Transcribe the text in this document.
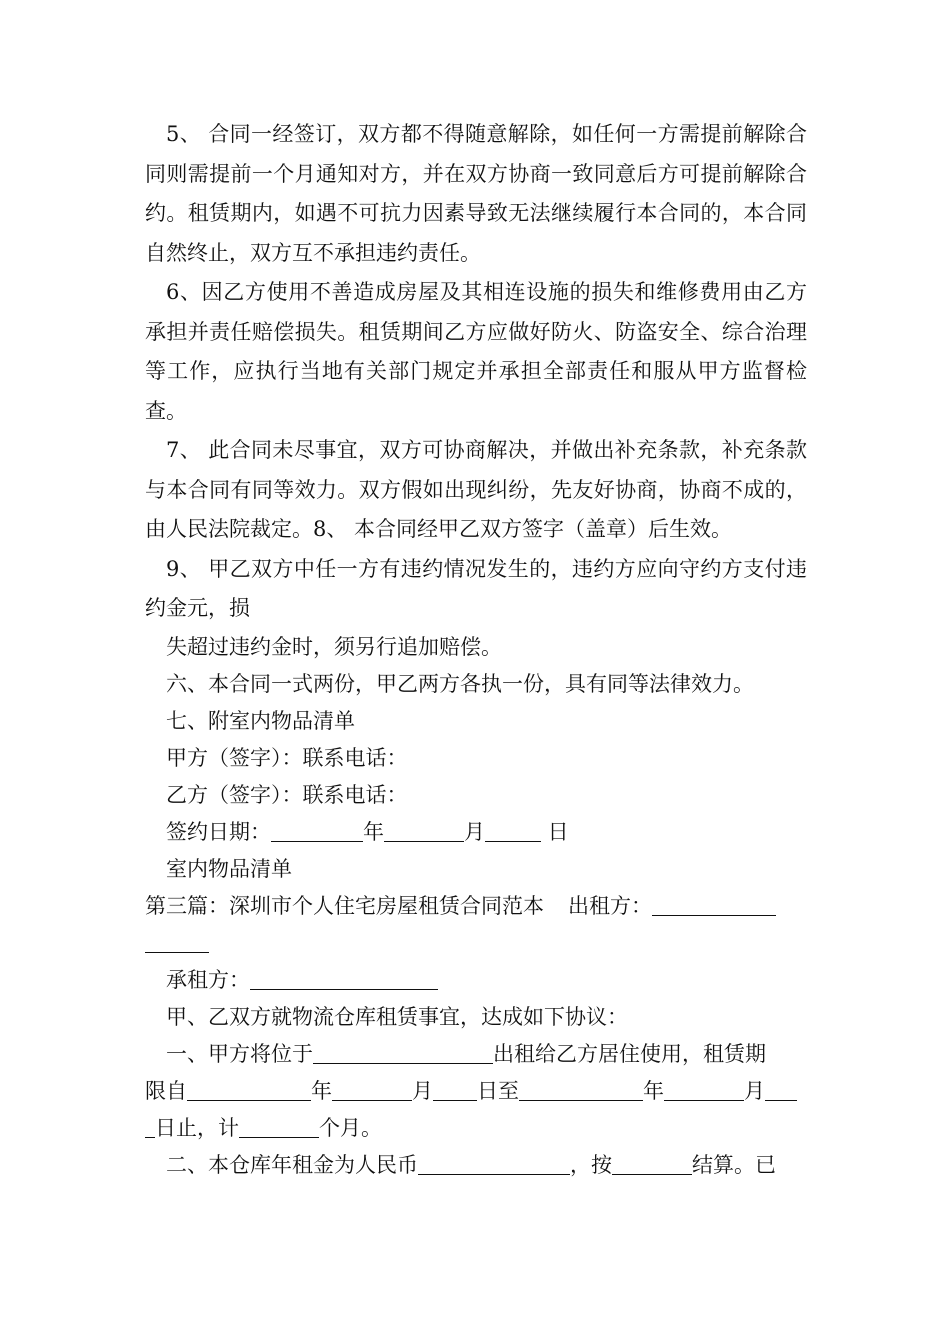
5、 合同一经签订，双方都不得随意解除，如任何一方需提前解除合同则需提前一个月通知对方，并在双方协商一致同意后方可提前解除合约。租赁期内，如遇不可抗力因素导致无法继续履行本合同的，本合同自然终止，双方互不承担违约责任。

6、因乙方使用不善造成房屋及其相连设施的损失和维修费用由乙方承担并责任赔偿损失。租赁期间乙方应做好防火、防盗安全、综合治理等工作，应执行当地有关部门规定并承担全部责任和服从甲方监督检查。

7、 此合同未尽事宜，双方可协商解决，并做出补充条款，补充条款与本合同有同等效力。双方假如出现纠纷，先友好协商，协商不成的，由人民法院裁定。8、 本合同经甲乙双方签字（盖章）后生效。

9、 甲乙双方中任一方有违约情况发生的，违约方应向守约方支付违约金元，损

失超过违约金时，须另行追加赔偿。

六、本合同一式两份，甲乙两方各执一份，具有同等法律效力。

七、附室内物品清单

甲方（签字）：联系电话：

乙方（签字）：联系电话：

签约日期：	年	月	日

室内物品清单

第三篇：深圳市个人住宅房屋租赁合同范本 出租方：

承租方：

甲、乙双方就物流仓库租赁事宜，达成如下协议：

一、甲方将位于	出租给乙方居住使用，租赁期

限自	年	月 日至	年	月

日止，计	个月。

二、本仓库年租金为人民币	，按	结算。已
